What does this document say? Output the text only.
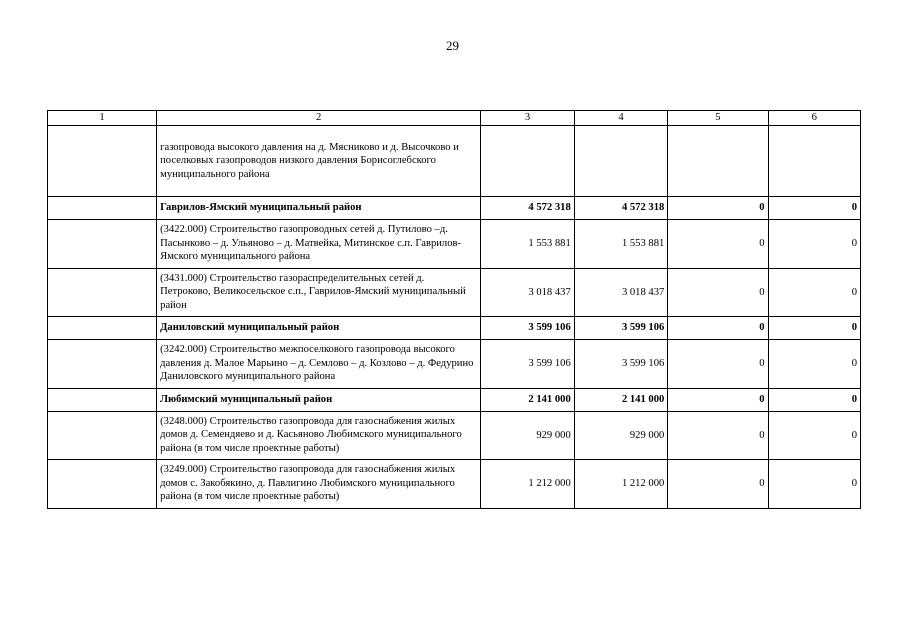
29
1	2	3	4	5	6
	газопровода высокого давления на д. Мясниково и д. Высочково и поселковых газопроводов низкого давления Борисоглебского муниципального района				
	Гаврилов-Ямский муниципальный район	4 572 318	4 572 318	0	0
	(3422.000) Строительство газопроводных сетей д. Путилово –д. Пасынково – д. Ульяново – д. Матвейка, Митинское с.п. Гаврилов-Ямского муниципального района	1 553 881	1 553 881	0	0
	(3431.000) Строительство газораспределительных сетей д. Петроково, Великосельское с.п., Гаврилов-Ямский муниципальный район	3 018 437	3 018 437	0	0
	Даниловский муниципальный район	3 599 106	3 599 106	0	0
	(3242.000) Строительство межпоселкового газопровода высокого давления д. Малое Марьино – д. Семлово – д. Козлово – д. Федурино Даниловского муниципального района	3 599 106	3 599 106	0	0
	Любимский муниципальный район	2 141 000	2 141 000	0	0
	(3248.000) Строительство газопровода для газоснабжения жилых домов д. Семендяево и д. Касьяново Любимского муниципального района (в том числе проектные работы)	929 000	929 000	0	0
	(3249.000) Строительство газопровода для газоснабжения жилых домов с. Закобякино, д. Павлигино Любимского муниципального района (в том числе проектные работы)	1 212 000	1 212 000	0	0
